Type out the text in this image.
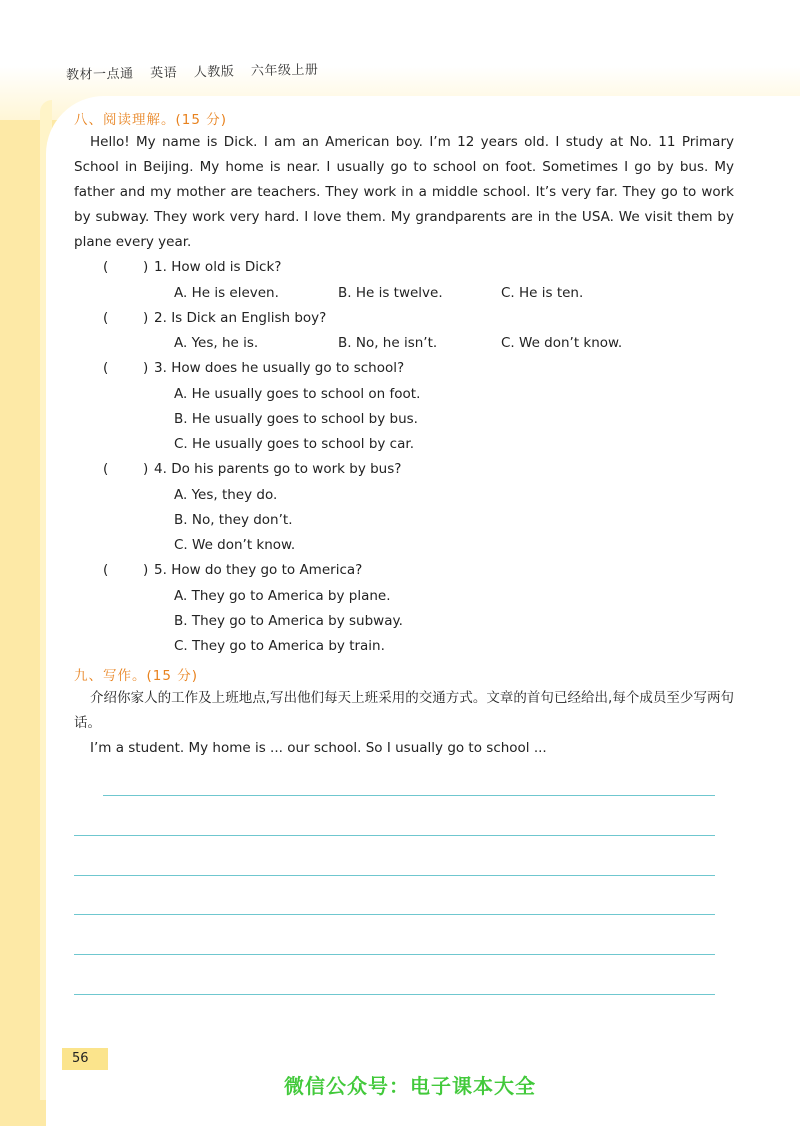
教材一点通 英语 人教版 六年级上册
八、阅读理解。(15 分)
Hello! My name is Dick. I am an American boy. I’m 12 years old. I study at No. 11 Primary School in Beijing. My home is near. I usually go to school on foot. Sometimes I go by bus. My father and my mother are teachers. They work in a middle school. It’s very far. They go to work by subway. They work very hard. I love them. My grandparents are in the USA. We visit them by plane every year.
(	) 1. How old is Dick?
A. He is eleven.	B. He is twelve.	C. He is ten.
(	) 2. Is Dick an English boy?
A. Yes, he is.	B. No, he isn’t.	C. We don’t know.
(	) 3. How does he usually go to school?
A. He usually goes to school on foot.
B. He usually goes to school by bus.
C. He usually goes to school by car.
(	) 4. Do his parents go to work by bus?
A. Yes, they do.
B. No, they don’t.
C. We don’t know.
(	) 5. How do they go to America?
A. They go to America by plane.
B. They go to America by subway.
C. They go to America by train.
九、写作。(15 分)
介绍你家人的工作及上班地点,写出他们每天上班采用的交通方式。文章的首句已经给出,每个成员至少写两句话。
I’m a student. My home is ... our school. So I usually go to school ...
56
微信公众号：电子课本大全
